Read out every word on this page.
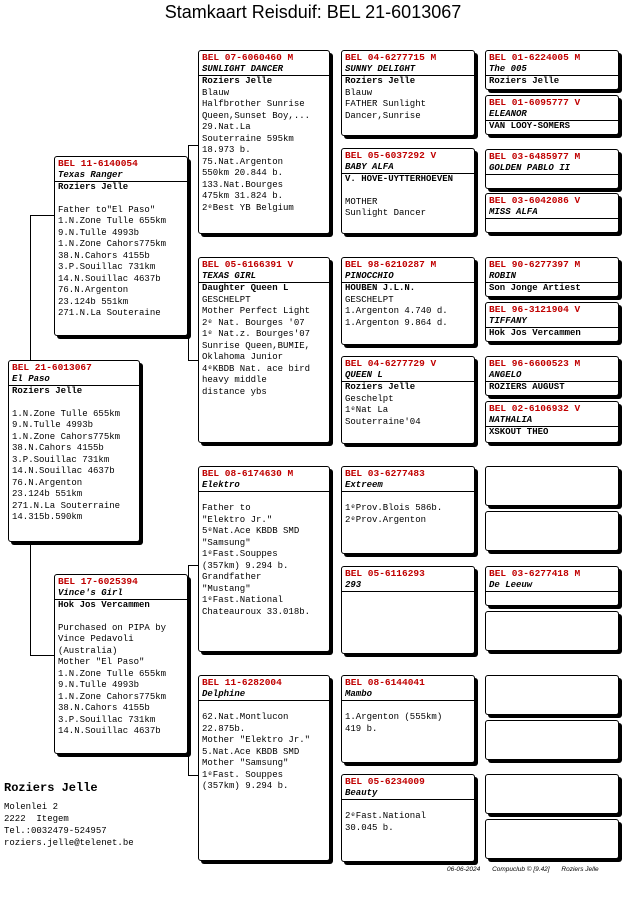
Stamkaart Reisduif: BEL 21-6013067
BEL 21-6013067
El Paso
Roziers Jelle
1.N.Zone Tulle 655km
9.N.Tulle 4993b
1.N.Zone Cahors775km
38.N.Cahors 4155b
3.P.Souillac 731km
14.N.Souillac 4637b
76.N.Argenton
23.124b 551km
271.N.La Souterraine
14.315b.590km
BEL 11-6140054
Texas Ranger
Roziers Jelle
Father to"El Paso"
1.N.Zone Tulle 655km
9.N.Tulle 4993b
1.N.Zone Cahors775km
38.N.Cahors 4155b
3.P.Souillac 731km
14.N.Souillac 4637b
76.N.Argenton
23.124b 551km
271.N.La Souteraine
BEL 17-6025394
Vince's Girl
Hok Jos Vercammen
Purchased on PIPA by
Vince Pedavoli
(Australia)
Mother "El Paso"
1.N.Zone Tulle 655km
9.N.Tulle 4993b
1.N.Zone Cahors775km
38.N.Cahors 4155b
3.P.Souillac 731km
14.N.Souillac 4637b
BEL 07-6060460 M
SUNLIGHT DANCER
Roziers Jelle
Blauw
Halfbrother Sunrise
Queen,Sunset Boy,...
29.Nat.La
Souterraine 595km
18.973 b.
75.Nat.Argenton
550km 20.844 b.
133.Nat.Bourges
475km 31.824 b.
2ᵉBest YB Belgium
BEL 05-6166391 V
TEXAS GIRL
Daughter Queen L
GESCHELPT
Mother Perfect Light
2ᵉ Nat. Bourges '07
1ᵉ Nat.z. Bourges'07
Sunrise Queen,BUMIE,
Oklahoma Junior
4ᵉKBDB Nat. ace bird
heavy middle
distance ybs
BEL 08-6174630 M
Elektro
Father to
"Elektro Jr."
5ᵉNat.Ace KBDB SMD
"Samsung"
1ᵉFast.Souppes
(357km) 9.294 b.
Grandfather
"Mustang"
1ᵉFast.National
Chateauroux 33.018b.
BEL 11-6282004
Delphine
62.Nat.Montlucon
22.875b.
Mother "Elektro Jr."
5.Nat.Ace KBDB SMD
Mother "Samsung"
1ᵉFast. Souppes
(357km) 9.294 b.
BEL 04-6277715 M
SUNNY DELIGHT
Roziers Jelle
Blauw
FATHER Sunlight
Dancer,Sunrise
BEL 05-6037292 V
BABY ALFA
V. HOVE-UYTTERHOEVEN
MOTHER
Sunlight Dancer
BEL 98-6210287 M
PINOCCHIO
HOUBEN J.L.N.
GESCHELPT
1.Argenton 4.740 d.
1.Argenton 9.864 d.
BEL 04-6277729 V
QUEEN L
Roziers Jelle
Geschelpt
1ᵉNat La
Souterraine'04
BEL 03-6277483
Extreem
1ᵉProv.Blois 586b.
2ᵉProv.Argenton
BEL 05-6116293
293
BEL 08-6144041
Mambo
1.Argenton (555km)
419 b.
BEL 05-6234009
Beauty
2ᵉFast.National
30.045 b.
BEL 01-6224005 M
The 005
Roziers Jelle
BEL 01-6095777 V
ELEANOR
VAN LOOY-SOMERS
BEL 03-6485977 M
GOLDEN PABLO II
BEL 03-6042086 V
MISS ALFA
BEL 90-6277397 M
ROBIN
Son Jonge Artiest
BEL 96-3121904 V
TIFFANY
Hok Jos Vercammen
BEL 96-6600523 M
ANGELO
ROZIERS AUGUST
BEL 02-6106932 V
NATHALIA
XSKOUT THEO
BEL 03-6277418 M
De Leeuw
Roziers Jelle
Molenlei 2
2222  Itegem
Tel.:0032479-524957
roziers.jelle@telenet.be
06-06-2024 Compuclub © [9.42] Roziers Jelle
